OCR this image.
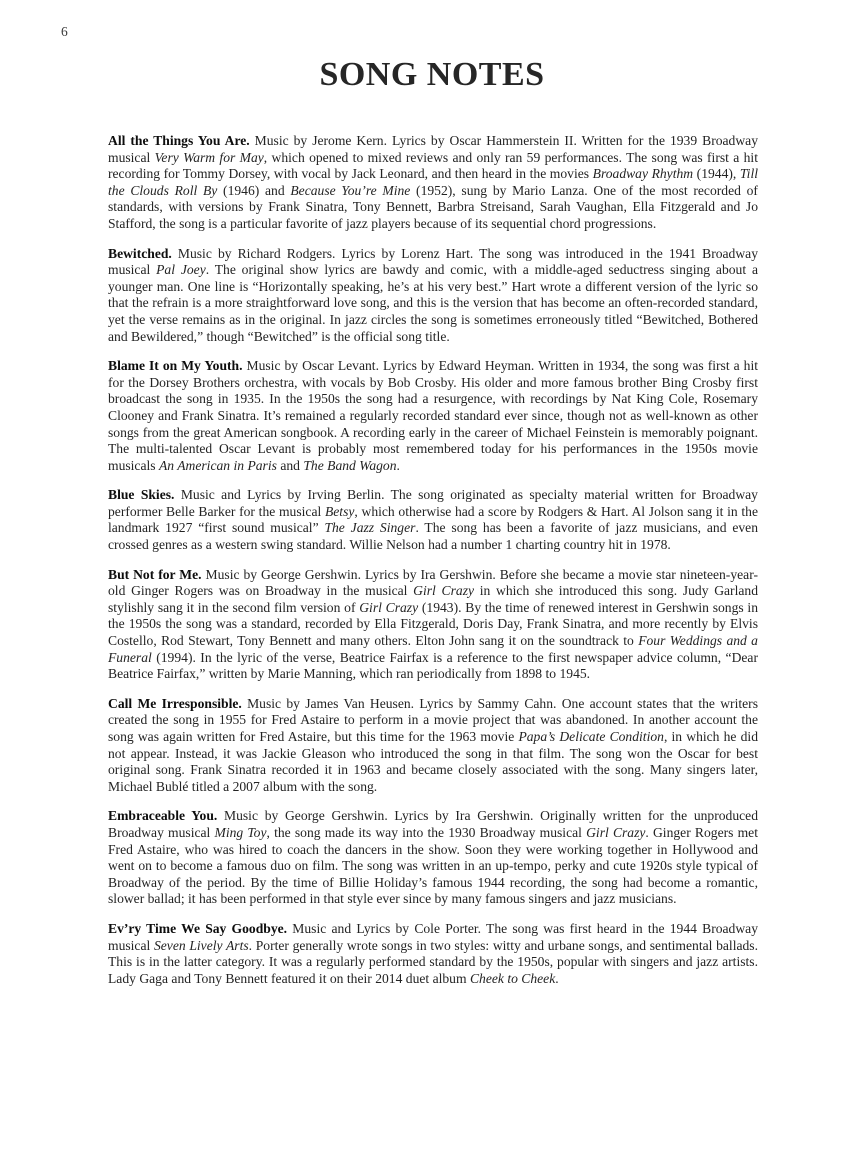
6
SONG NOTES

All the Things You Are. Music by Jerome Kern. Lyrics by Oscar Hammerstein II. Written for the 1939 Broadway musical Very Warm for May, which opened to mixed reviews and only ran 59 performances. The song was first a hit recording for Tommy Dorsey, with vocal by Jack Leonard, and then heard in the movies Broadway Rhythm (1944), Till the Clouds Roll By (1946) and Because You’re Mine (1952), sung by Mario Lanza. One of the most recorded of standards, with versions by Frank Sinatra, Tony Bennett, Barbra Streisand, Sarah Vaughan, Ella Fitzgerald and Jo Stafford, the song is a particular favorite of jazz players because of its sequential chord progressions.

Bewitched. Music by Richard Rodgers. Lyrics by Lorenz Hart. The song was introduced in the 1941 Broadway musical Pal Joey. The original show lyrics are bawdy and comic, with a middle-aged seductress singing about a younger man. One line is “Horizontally speaking, he’s at his very best.” Hart wrote a different version of the lyric so that the refrain is a more straightforward love song, and this is the version that has become an often-recorded standard, yet the verse remains as in the original. In jazz circles the song is sometimes erroneously titled “Bewitched, Bothered and Bewildered,” though “Bewitched” is the official song title.

Blame It on My Youth. Music by Oscar Levant. Lyrics by Edward Heyman. Written in 1934, the song was first a hit for the Dorsey Brothers orchestra, with vocals by Bob Crosby. His older and more famous brother Bing Crosby first broadcast the song in 1935. In the 1950s the song had a resurgence, with recordings by Nat King Cole, Rosemary Clooney and Frank Sinatra. It’s remained a regularly recorded standard ever since, though not as well-known as other songs from the great American songbook. A recording early in the career of Michael Feinstein is memorably poignant. The multi-talented Oscar Levant is probably most remembered today for his performances in the 1950s movie musicals An American in Paris and The Band Wagon.

Blue Skies. Music and Lyrics by Irving Berlin. The song originated as specialty material written for Broadway performer Belle Barker for the musical Betsy, which otherwise had a score by Rodgers & Hart. Al Jolson sang it in the landmark 1927 “first sound musical” The Jazz Singer. The song has been a favorite of jazz musicians, and even crossed genres as a western swing standard. Willie Nelson had a number 1 charting country hit in 1978.

But Not for Me. Music by George Gershwin. Lyrics by Ira Gershwin. Before she became a movie star nineteen-year-old Ginger Rogers was on Broadway in the musical Girl Crazy in which she introduced this song. Judy Garland stylishly sang it in the second film version of Girl Crazy (1943). By the time of renewed interest in Gershwin songs in the 1950s the song was a standard, recorded by Ella Fitzgerald, Doris Day, Frank Sinatra, and more recently by Elvis Costello, Rod Stewart, Tony Bennett and many others. Elton John sang it on the soundtrack to Four Weddings and a Funeral (1994). In the lyric of the verse, Beatrice Fairfax is a reference to the first newspaper advice column, “Dear Beatrice Fairfax,” written by Marie Manning, which ran periodically from 1898 to 1945.

Call Me Irresponsible. Music by James Van Heusen. Lyrics by Sammy Cahn. One account states that the writers created the song in 1955 for Fred Astaire to perform in a movie project that was abandoned. In another account the song was again written for Fred Astaire, but this time for the 1963 movie Papa’s Delicate Condition, in which he did not appear. Instead, it was Jackie Gleason who introduced the song in that film. The song won the Oscar for best original song. Frank Sinatra recorded it in 1963 and became closely associated with the song. Many singers later, Michael Bublé titled a 2007 album with the song.

Embraceable You. Music by George Gershwin. Lyrics by Ira Gershwin. Originally written for the unproduced Broadway musical Ming Toy, the song made its way into the 1930 Broadway musical Girl Crazy. Ginger Rogers met Fred Astaire, who was hired to coach the dancers in the show. Soon they were working together in Hollywood and went on to become a famous duo on film. The song was written in an up-tempo, perky and cute 1920s style typical of Broadway of the period. By the time of Billie Holiday’s famous 1944 recording, the song had become a romantic, slower ballad; it has been performed in that style ever since by many famous singers and jazz musicians.

Ev’ry Time We Say Goodbye. Music and Lyrics by Cole Porter. The song was first heard in the 1944 Broadway musical Seven Lively Arts. Porter generally wrote songs in two styles: witty and urbane songs, and sentimental ballads. This is in the latter category. It was a regularly performed standard by the 1950s, popular with singers and jazz artists. Lady Gaga and Tony Bennett featured it on their 2014 duet album Cheek to Cheek.
